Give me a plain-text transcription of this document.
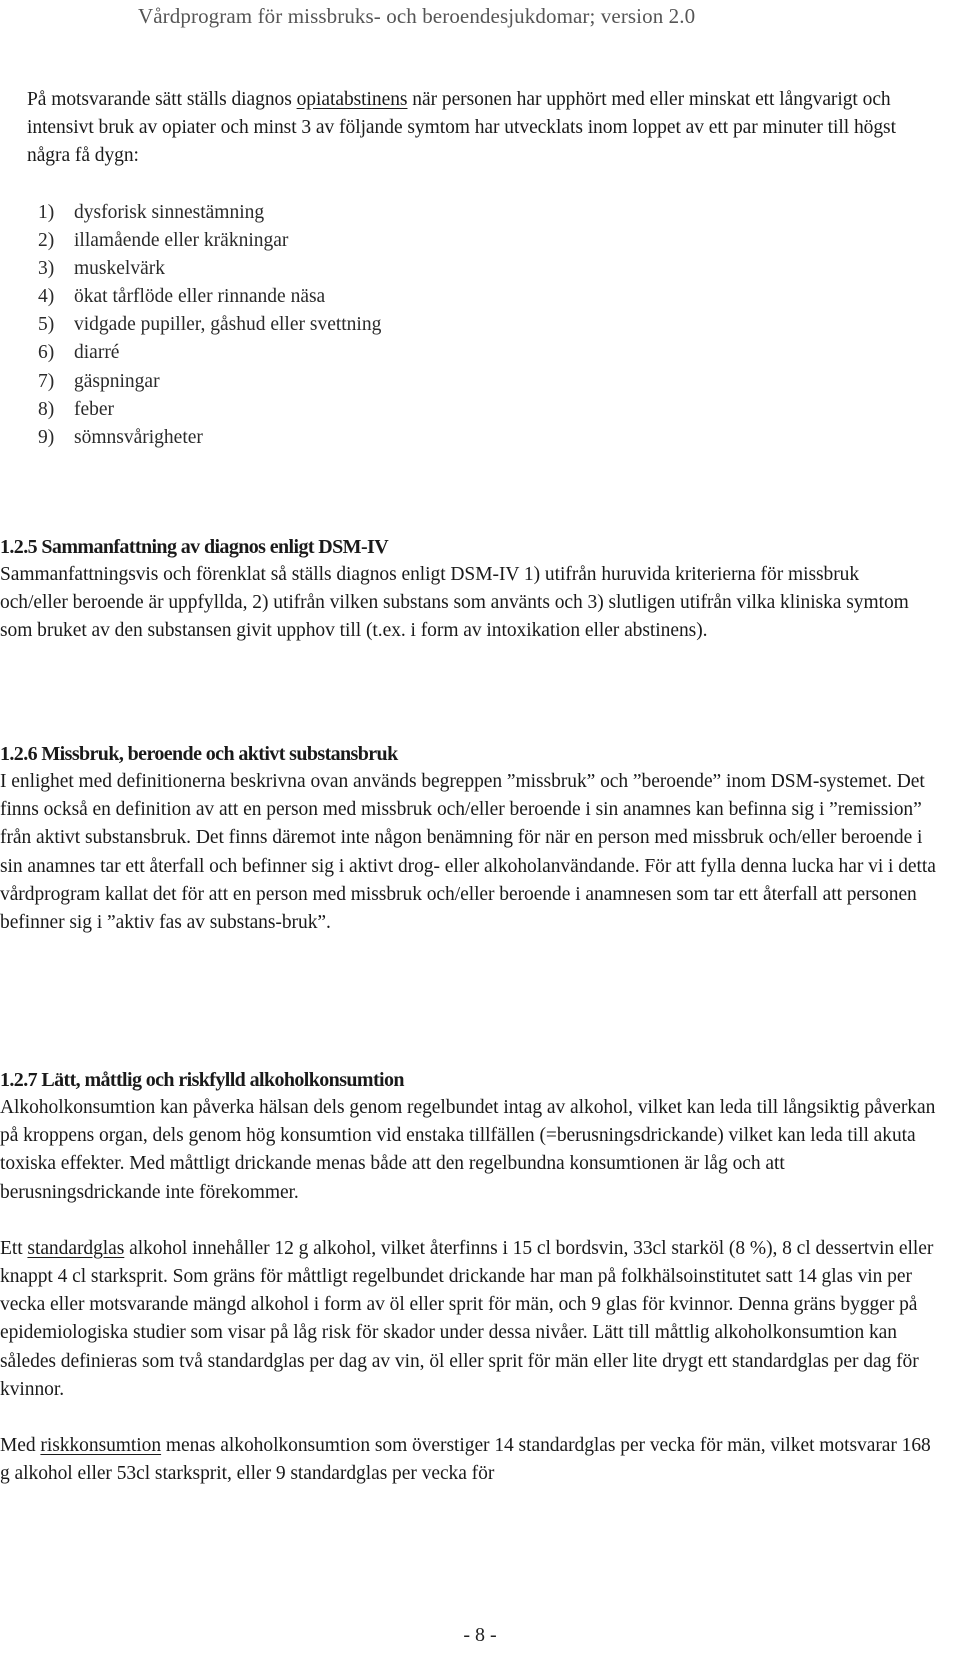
Vårdprogram för missbruks- och beroendesjukdomar; version 2.0

På motsvarande sätt ställs diagnos opiatabstinens när personen har upphört med eller minskat ett långvarigt och intensivt bruk av opiater och minst 3 av följande symtom har utvecklats inom loppet av ett par minuter till högst några få dygn:

1) dysforisk sinnestämning
2) illamående eller kräkningar
3) muskelvärk
4) ökat tårflöde eller rinnande näsa
5) vidgade pupiller, gåshud eller svettning
6) diarré
7) gäspningar
8) feber
9) sömnsvårigheter
1.2.5 Sammanfattning av diagnos enligt DSM-IV

Sammanfattningsvis och förenklat så ställs diagnos enligt DSM-IV 1) utifrån huruvida kriterierna för missbruk och/eller beroende är uppfyllda, 2) utifrån vilken substans som använts och 3) slutligen utifrån vilka kliniska symtom som bruket av den substansen givit upphov till (t.ex. i form av intoxikation eller abstinens).

1.2.6 Missbruk, beroende och aktivt substansbruk

I enlighet med definitionerna beskrivna ovan används begreppen ”missbruk” och ”beroende” inom DSM-systemet. Det finns också en definition av att en person med missbruk och/eller beroende i sin anamnes kan befinna sig i ”remission” från aktivt substansbruk. Det finns däremot inte någon benämning för när en person med missbruk och/eller beroende i sin anamnes tar ett återfall och befinner sig i aktivt drog- eller alkoholanvändande. För att fylla denna lucka har vi i detta vårdprogram kallat det för att en person med missbruk och/eller beroende i anamnesen som tar ett återfall att personen befinner sig i ”aktiv fas av substans-bruk”.

1.2.7 Lätt, måttlig och riskfylld alkoholkonsumtion

Alkoholkonsumtion kan påverka hälsan dels genom regelbundet intag av alkohol, vilket kan leda till långsiktig påverkan på kroppens organ, dels genom hög konsumtion vid enstaka tillfällen (=berusningsdrickande) vilket kan leda till akuta toxiska effekter. Med måttligt drickande menas både att den regelbundna konsumtionen är låg och att berusningsdrickande inte förekommer.

Ett standardglas alkohol innehåller 12 g alkohol, vilket återfinns i 15 cl bordsvin, 33cl starköl (8 %), 8 cl dessertvin eller knappt 4 cl starksprit. Som gräns för måttligt regelbundet drickande har man på folkhälsoinstitutet satt 14 glas vin per vecka eller motsvarande mängd alkohol i form av öl eller sprit för män, och 9 glas för kvinnor. Denna gräns bygger på epidemiologiska studier som visar på låg risk för skador under dessa nivåer. Lätt till måttlig alkoholkonsumtion kan således definieras som två standardglas per dag av vin, öl eller sprit för män eller lite drygt ett standardglas per dag för kvinnor.

Med riskkonsumtion menas alkoholkonsumtion som överstiger 14 standardglas per vecka för män, vilket motsvarar 168 g alkohol eller 53cl starksprit, eller 9 standardglas per vecka för

- 8 -
